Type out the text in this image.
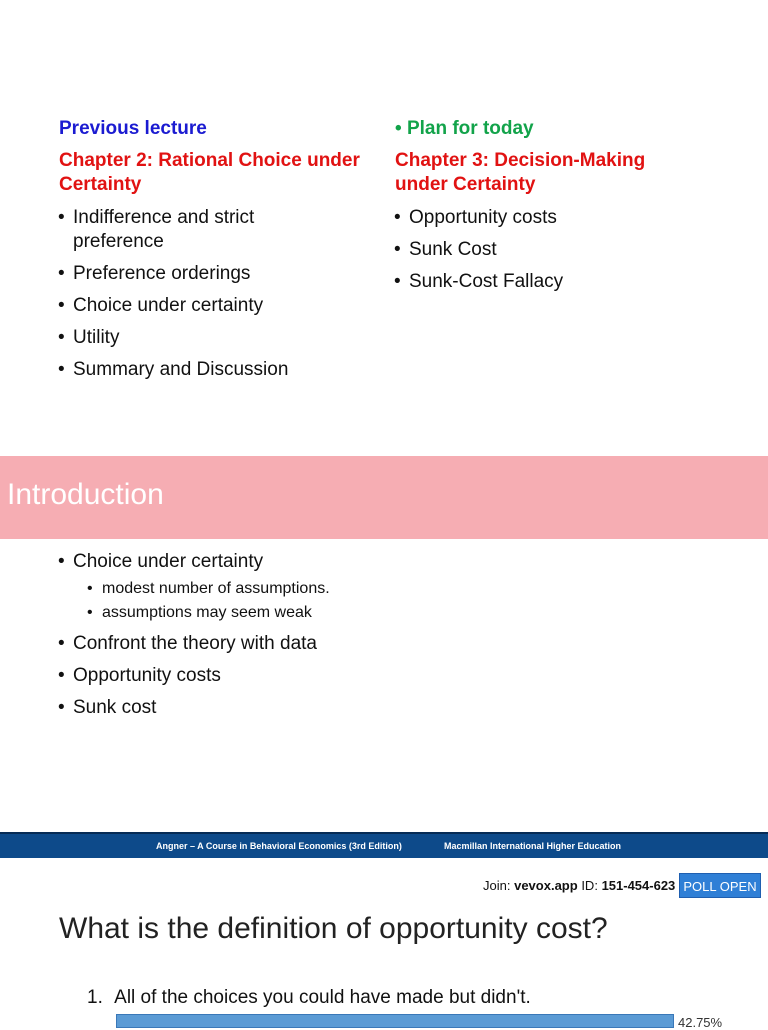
Previous lecture
Chapter 2: Rational Choice under
Certainty
• Indifference and strict
preference
• Preference orderings
• Choice under certainty
• Utility
• Summary and Discussion
• Plan for today
Chapter 3: Decision-Making
under Certainty
• Opportunity costs
• Sunk Cost
• Sunk-Cost Fallacy
Introduction
• Choice under certainty
• modest number of assumptions.
• assumptions may seem weak
• Confront the theory with data
• Opportunity costs
• Sunk cost
Angner – A Course in Behavioral Economics (3rd Edition)	Macmillan International Higher Education
Join: vevox.app ID: 151-454-623 POLL OPEN
What is the definition of opportunity cost?
1. All of the choices you could have made but didn't.
42.75%
